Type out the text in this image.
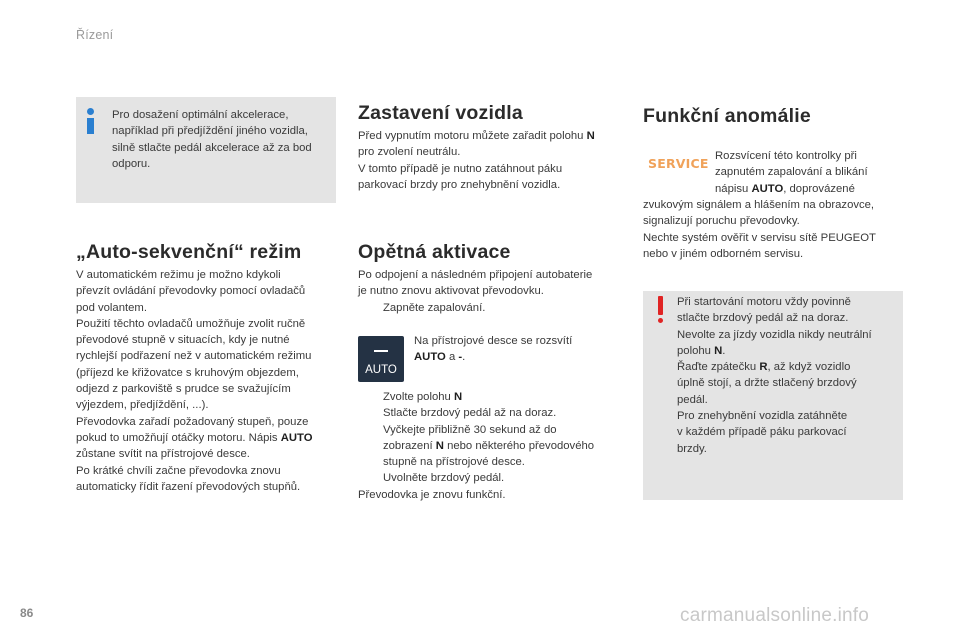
Řízení

Pro dosažení optimální akcelerace,

například při předjíždění jiného vozidla,

silně stlačte pedál akcelerace až za bod

odporu.

„Auto-sekvenční“ režim

V automatickém režimu je možno kdykoli

převzít ovládání převodovky pomocí ovladačů

pod volantem.

Použití těchto ovladačů umožňuje zvolit ručně

převodové stupně v situacích, kdy je nutné

rychlejší podřazení než v automatickém režimu

(příjezd ke křižovatce s kruhovým objezdem,

odjezd z parkoviště s prudce se svažujícím

výjezdem, předjíždění, ...).

Převodovka zařadí požadovaný stupeň, pouze

pokud to umožňují otáčky motoru. Nápis AUTO

zůstane svítit na přístrojové desce.

Po krátké chvíli začne převodovka znovu

automaticky řídit řazení převodových stupňů.

Zastavení vozidla

Před vypnutím motoru můžete zařadit polohu N

pro zvolení neutrálu.

V tomto případě je nutno zatáhnout páku

parkovací brzdy pro znehybnění vozidla.

Opětná aktivace

Po odpojení a následném připojení autobaterie

je nutno znovu aktivovat převodovku.

Zapněte zapalování.
AUTO

Na přístrojové desce se rozsvítí

AUTO a -.

Zvolte polohu N
Stlačte brzdový pedál až na doraz.
Vyčkejte přibližně 30 sekund až do
zobrazení N nebo některého převodového
stupně na přístrojové desce.
Uvolněte brzdový pedál.

Převodovka je znovu funkční.

Funkční anomálie
SERVICE Rozsvícení této kontrolky při

zapnutém zapalování a blikání

nápisu AUTO, doprovázené

zvukovým signálem a hlášením na obrazovce,

signalizují poruchu převodovky.

Nechte systém ověřit v servisu sítě PEUGEOT

nebo v jiném odborném servisu.

Při startování motoru vždy povinně

stlačte brzdový pedál až na doraz.

Nevolte za jízdy vozidla nikdy neutrální

polohu N.

Řaďte zpátečku R, až když vozidlo

úplně stojí, a držte stlačený brzdový

pedál.

Pro znehybnění vozidla zatáhněte

v každém případě páku parkovací

brzdy.

86	carmanualsonline.info
